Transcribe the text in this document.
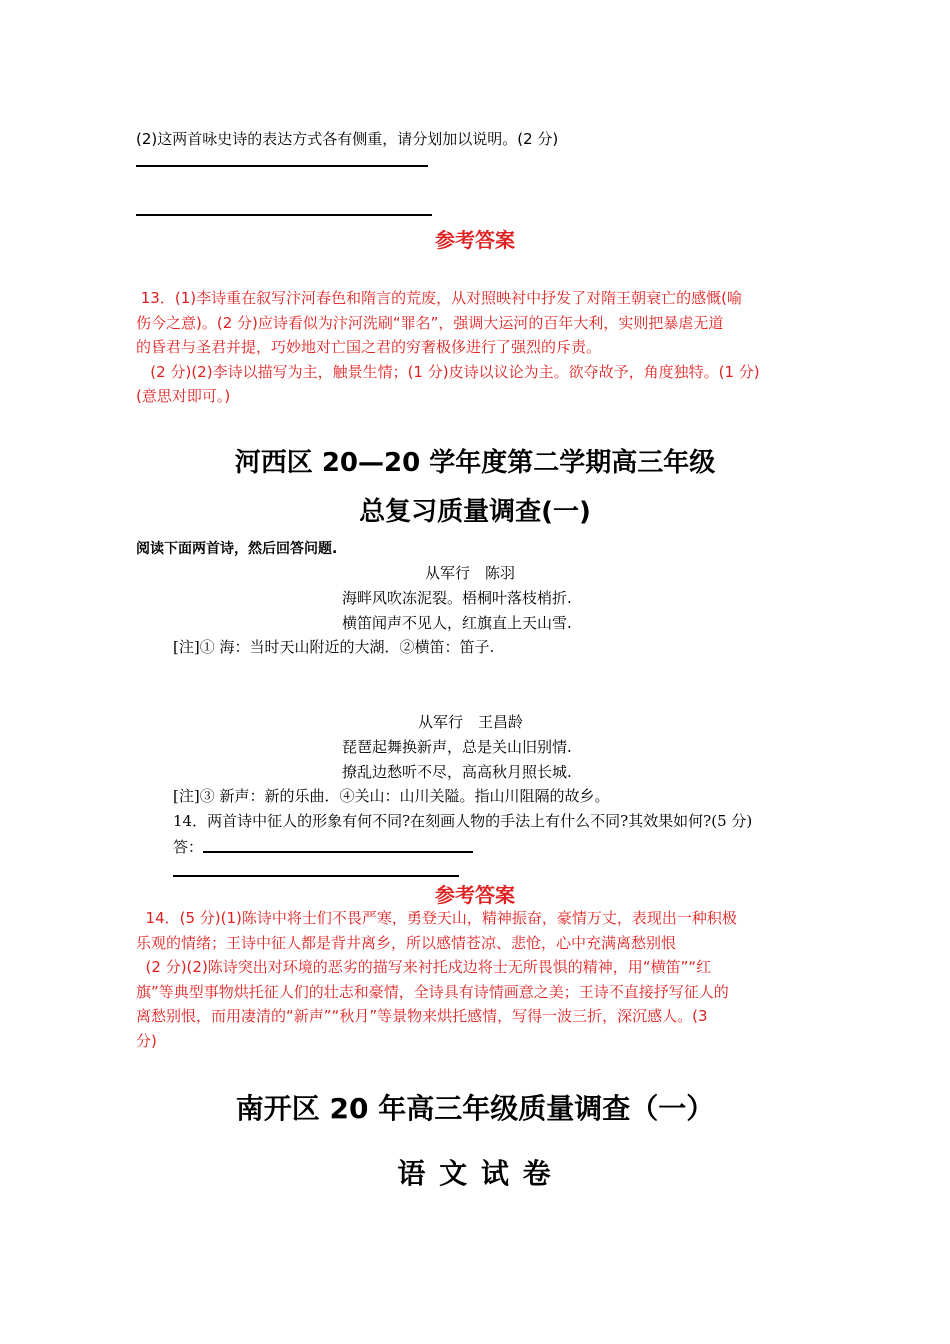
(2)这两首咏史诗的表达方式各有侧重，请分划加以说明。(2 分)
参考答案
13．(1)李诗重在叙写汴河春色和隋言的荒废，从对照映衬中抒发了对隋王朝衰亡的感慨(喻
伤今之意)。(2 分)应诗看似为汴河洗刷“罪名”，强调大运河的百年大利，实则把暴虐无道
的昏君与圣君并提，巧妙地对亡国之君的穷奢极侈进行了强烈的斥责。
(2 分)(2)李诗以描写为主，触景生情；(1 分)皮诗以议论为主。欲夺故予，角度独特。(1 分)
(意思对即可。)
河西区 20—20 学年度第二学期高三年级
总复习质量调查(一)
阅读下面两首诗，然后回答问题.
从军行　陈羽
海畔风吹冻泥裂。梧桐叶落枝梢折.
横笛闻声不见人，红旗直上天山雪.
[注]① 海：当时天山附近的大湖．②横笛：笛子.
从军行　王昌龄
琵琶起舞换新声，总是关山旧别情.
撩乱边愁听不尽，高高秋月照长城.
[注]③ 新声：新的乐曲．④关山：山川关隘。指山川阻隔的故乡。
14．两首诗中征人的形象有何不同?在刻画人物的手法上有什么不同?其效果如何?(5 分)
答：
参考答案
14．(5 分)(1)陈诗中将士们不畏严寒，勇登天山，精神振奋，豪情万丈，表现出一种积极
乐观的情绪；王诗中征人都是背井离乡，所以感情苍凉、悲怆，心中充满离愁别恨
(2 分)(2)陈诗突出对环境的恶劣的描写来衬托戍边将士无所畏惧的精神，用“横笛”“红
旗”等典型事物烘托征人们的壮志和豪情，全诗具有诗情画意之美；王诗不直接抒写征人的
离愁别恨，而用凄清的“新声”“秋月”等景物来烘托感情，写得一波三折，深沉感人。(3
分)
南开区 20 年高三年级质量调查（一）
语 文 试 卷
